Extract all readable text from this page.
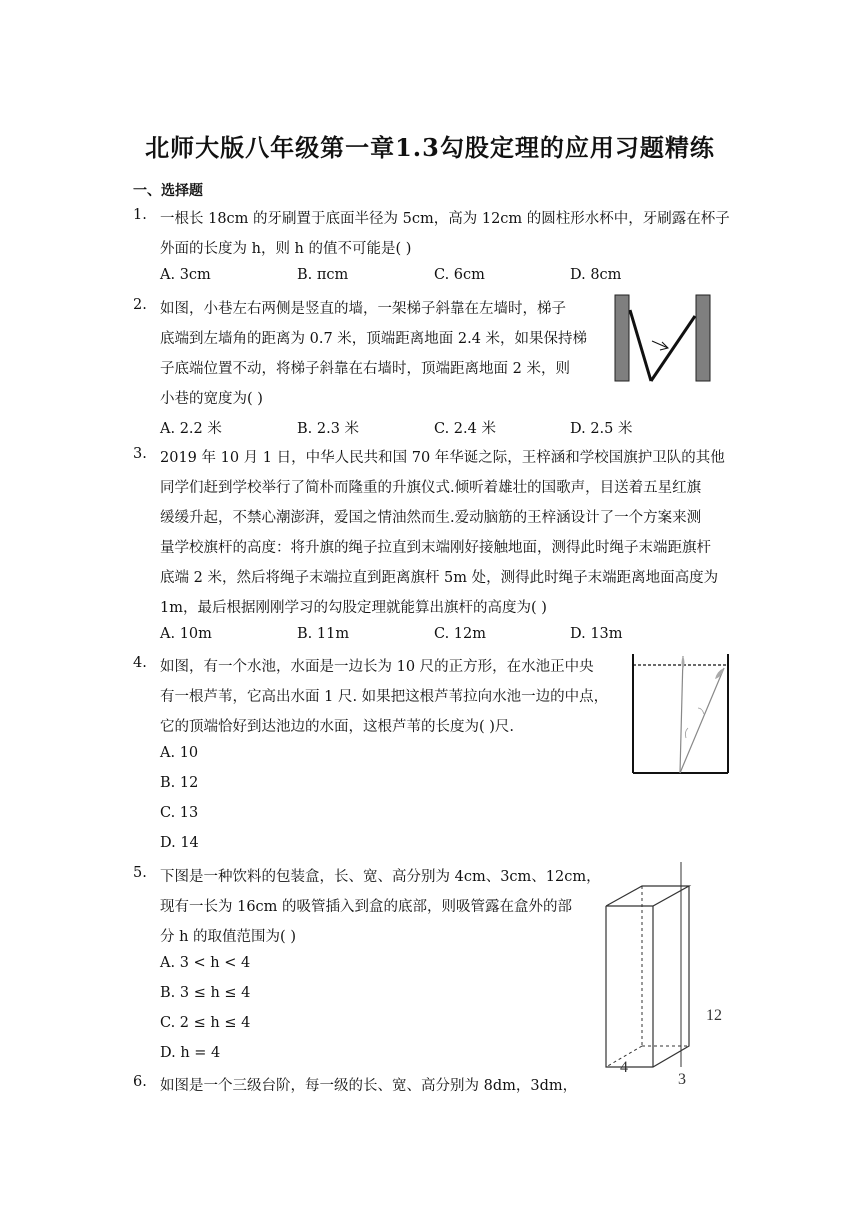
北师大版八年级第一章1.3勾股定理的应用习题精练
一、选择题
1. 一根长 18cm 的牙刷置于底面半径为 5cm，高为 12cm 的圆柱形水杯中，牙刷露在杯子
外面的长度为 h，则 h 的值不可能是( )
A. 3cm	B. πcm	C. 6cm	D. 8cm
2. 如图，小巷左右两侧是竖直的墙，一架梯子斜靠在左墙时，梯子
底端到左墙角的距离为 0.7 米，顶端距离地面 2.4 米，如果保持梯
子底端位置不动，将梯子斜靠在右墙时，顶端距离地面 2 米，则
小巷的宽度为( )
A. 2.2 米	B. 2.3 米	C. 2.4 米	D. 2.5 米
3. 2019 年 10 月 1 日，中华人民共和国 70 年华诞之际，王梓涵和学校国旗护卫队的其他
同学们赶到学校举行了简朴而隆重的升旗仪式.倾听着雄壮的国歌声，目送着五星红旗
缓缓升起，不禁心潮澎湃，爱国之情油然而生.爱动脑筋的王梓涵设计了一个方案来测
量学校旗杆的高度：将升旗的绳子拉直到末端刚好接触地面，测得此时绳子末端距旗杆
底端 2 米，然后将绳子末端拉直到距离旗杆 5m 处，测得此时绳子末端距离地面高度为
1m，最后根据刚刚学习的勾股定理就能算出旗杆的高度为( )
A. 10m	B. 11m	C. 12m	D. 13m
4. 如图，有一个水池，水面是一边长为 10 尺的正方形，在水池正中央
有一根芦苇，它高出水面 1 尺. 如果把这根芦苇拉向水池一边的中点，
它的顶端恰好到达池边的水面，这根芦苇的长度为( )尺.
A. 10
B. 12
C. 13
D. 14
5. 下图是一种饮料的包装盒，长、宽、高分别为 4cm、3cm、12cm，
现有一长为 16cm 的吸管插入到盒的底部，则吸管露在盒外的部
分 h 的取值范围为( )
A. 3 < h < 4
B. 3 ≤ h ≤ 4
C. 2 ≤ h ≤ 4
D. h = 4
12
4
3
6. 如图是一个三级台阶，每一级的长、宽、高分别为 8dm，3dm，
